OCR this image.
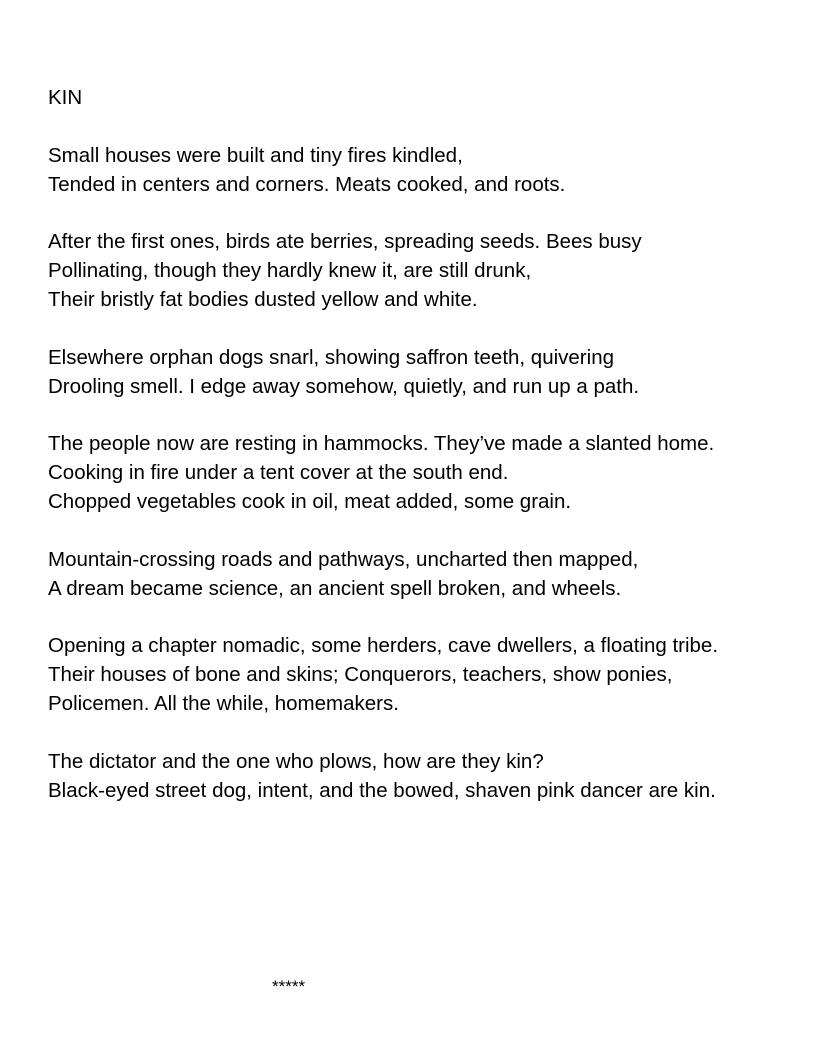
KIN
Small houses were built and tiny fires kindled,
Tended in centers and corners. Meats cooked, and roots.
After the first ones, birds ate berries, spreading seeds. Bees busy
Pollinating, though they hardly knew it, are still drunk,
Their bristly fat bodies dusted yellow and white.
Elsewhere orphan dogs snarl, showing saffron teeth, quivering
Drooling smell. I edge away somehow, quietly, and run up a path.
The people now are resting in hammocks. They’ve made a slanted home.
Cooking in fire under a tent cover at the south end.
Chopped vegetables cook in oil, meat added, some grain.
Mountain-crossing roads and pathways, uncharted then mapped,
A dream became science, an ancient spell broken, and wheels.
Opening a chapter nomadic, some herders, cave dwellers, a floating tribe.
Their houses of bone and skins; Conquerors, teachers, show ponies,
Policemen. All the while, homemakers.
The dictator and the one who plows, how are they kin?
Black-eyed street dog, intent, and the bowed, shaven pink dancer are kin.
*****
